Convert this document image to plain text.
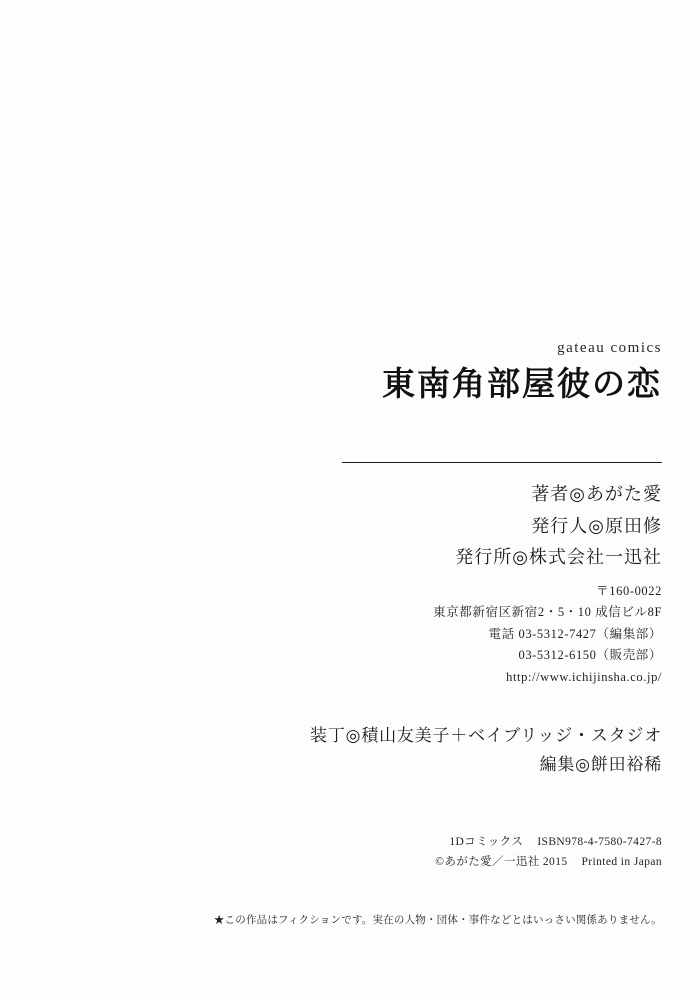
gateau comics
東南角部屋彼の恋
著者◎あがた愛
発行人◎原田修
発行所◎株式会社一迅社
〒160-0022
東京都新宿区新宿2・5・10 成信ビル8F
電話 03-5312-7427（編集部）
03-5312-6150（販売部）
http://www.ichijinsha.co.jp/
装丁◎積山友美子＋ベイブリッジ・スタジオ
編集◎餅田裕稀
1Dコミックス ISBN978-4-7580-7427-8
©あがた愛／一迅社 2015 Printed in Japan
★この作品はフィクションです。実在の人物・団体・事件などとはいっさい関係ありません。
